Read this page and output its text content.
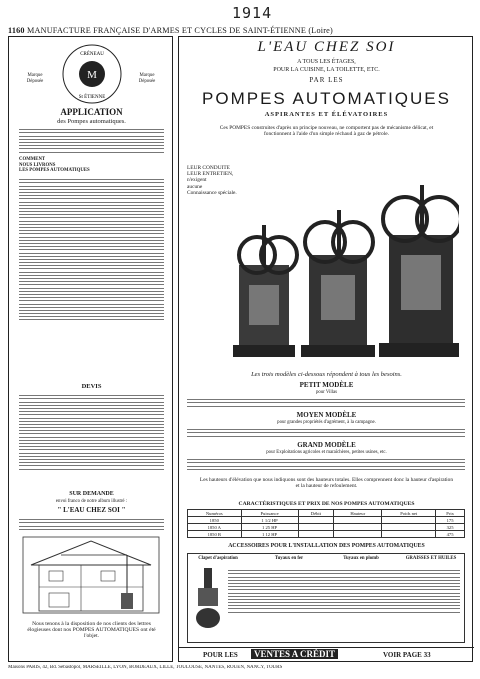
1914
1160 MANUFACTURE FRANÇAISE D'ARMES ET CYCLES DE SAINT-ÉTIENNE (Loire)
Marque
Déposée
Marque
Déposée
M
CRÉNEAU
St ÉTIENNE
APPLICATION
des Pompes automatiques.
COMMENT
NOUS LIVRONS
LES POMPES AUTOMATIQUES
DEVIS
SUR DEMANDE
envoi franco de notre album illustré :
" L'EAU CHEZ SOI "
Nous tenons à la disposition de nos clients des lettres élogieuses dont nos POMPES AUTOMATIQUES ont été l'objet.
L'EAU CHEZ SOI
A TOUS LES ÉTAGES,
POUR LA CUISINE, LA TOILETTE, ETC.
PAR LES
POMPES AUTOMATIQUES
ASPIRANTES ET ÉLÉVATOIRES
Ces POMPES construites d'après un principe nouveau, ne comportent pas de mécanisme délicat, et fonctionnent à l'aide d'un simple réchaud à gaz de pétrole.
LEUR CONDUITE
LEUR ENTRETIEN,
n'exigent
aucune
Connaissance spéciale.
Les trois modèles ci-dessous répondent à tous les besoins.
PETIT MODÈLE
pour Villas
MOYEN MODÈLE
pour grandes propriétés d'agrément, à la campagne.
GRAND MODÈLE
pour Exploitations agricoles et maraîchères, petites usines, etc.
Les hauteurs d'élévation que nous indiquons sont des hauteurs totales. Elles comprennent donc la hauteur d'aspiration et la hauteur de refoulement.
CARACTÉRISTIQUES ET PRIX DE NOS POMPES AUTOMATIQUES
Numéros	Puissance	Débit	Hauteur	Poids net	Prix
1850	1 1/2 HP				175
1850 A	1 25 HP				325
1850 B	1 12 HP				475
ACCESSOIRES POUR L'INSTALLATION DES POMPES AUTOMATIQUES
Clapet d'aspiration	Tuyaux en fer	Tuyaux en plomb	GRAISSES ET HUILES
POUR LES	VENTES A CRÉDIT	VOIR PAGE 33
Maisons PARIS, 42, Bd. Sébastopol, MARSEILLE, LYON, BORDEAUX, LILLE, TOULOUSE, NANTES, ROUEN, NANCY, TOURS
